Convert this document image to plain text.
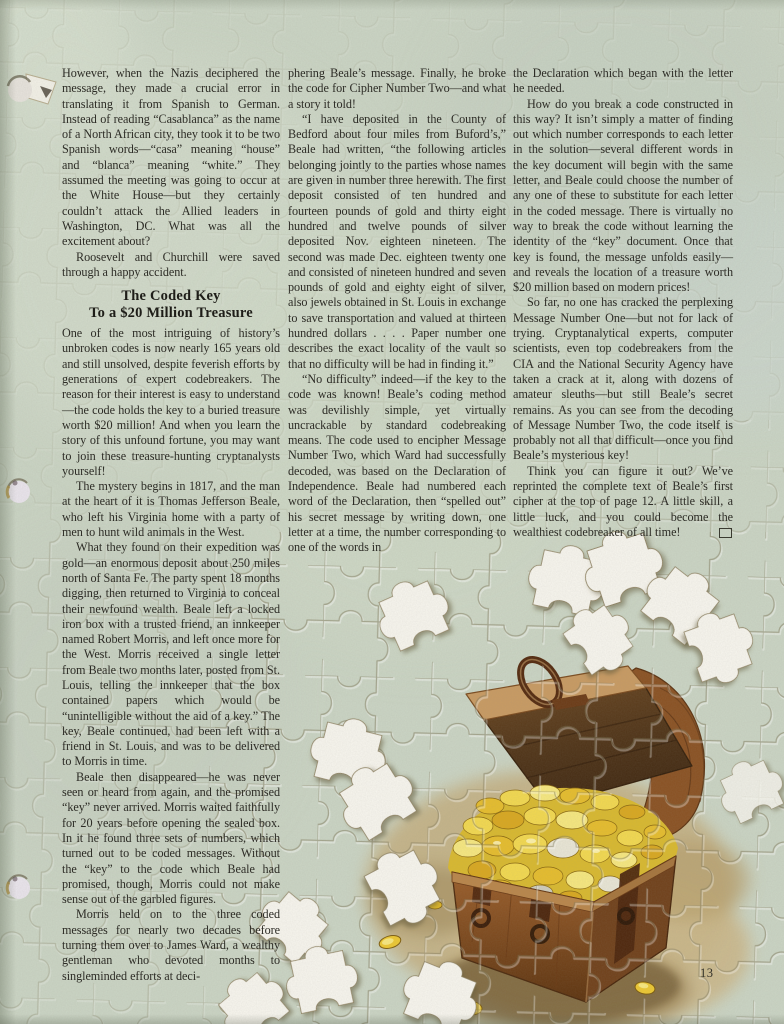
However, when the Nazis deciphered the message, they made a crucial error in translating it from Spanish to German. Instead of reading “Casablanca” as the name of a North African city, they took it to be two Spanish words—“casa” meaning “house” and “blanca” meaning “white.” They assumed the meeting was going to occur at the White House—but they certainly couldn’t attack the Allied leaders in Washington, DC. What was all the excitement about?

Roosevelt and Churchill were saved through a happy accident.

The Coded Key
To a $20 Million Treasure

One of the most intriguing of history’s unbroken codes is now nearly 165 years old and still unsolved, despite feverish efforts by generations of expert codebreakers. The reason for their interest is easy to understand—the code holds the key to a buried treasure worth $20 million! And when you learn the story of this unfound fortune, you may want to join these treasure-hunting cryptanalysts yourself!

The mystery begins in 1817, and the man at the heart of it is Thomas Jefferson Beale, who left his Virginia home with a party of men to hunt wild animals in the West.

What they found on their expedition was gold—an enormous deposit about 250 miles north of Santa Fe. The party spent 18 months digging, then returned to Virginia to conceal their newfound wealth. Beale left a locked iron box with a trusted friend, an innkeeper named Robert Morris, and left once more for the West. Morris received a single letter from Beale two months later, posted from St. Louis, telling the innkeeper that the box contained papers which would be “unintelligible without the aid of a key.” The key, Beale continued, had been left with a friend in St. Louis, and was to be delivered to Morris in time.

Beale then disappeared—he was never seen or heard from again, and the promised “key” never arrived. Morris waited faithfully for 20 years before opening the sealed box. In it he found three sets of numbers, which turned out to be coded messages. Without the “key” to the code which Beale had promised, though, Morris could not make sense out of the garbled figures.

Morris held on to the three coded messages for nearly two decades before turning them over to James Ward, a wealthy gentleman who devoted months to singleminded efforts at deci-

phering Beale’s message. Finally, he broke the code for Cipher Number Two—and what a story it told!

“I have deposited in the County of Bedford about four miles from Buford’s,” Beale had written, “the following articles belonging jointly to the parties whose names are given in number three herewith. The first deposit consisted of ten hundred and fourteen pounds of gold and thirty eight hundred and twelve pounds of silver deposited Nov. eighteen nineteen. The second was made Dec. eighteen twenty one and consisted of nineteen hundred and seven pounds of gold and eighty eight of silver, also jewels obtained in St. Louis in exchange to save transportation and valued at thirteen hundred dollars . . . . Paper number one describes the exact locality of the vault so that no difficulty will be had in finding it.”

“No difficulty” indeed—if the key to the code was known! Beale’s coding method was devilishly simple, yet virtually uncrackable by standard codebreaking means. The code used to encipher Message Number Two, which Ward had successfully decoded, was based on the Declaration of Independence. Beale had numbered each word of the Declaration, then “spelled out” his secret message by writing down, one letter at a time, the number corresponding to one of the words in

the Declaration which began with the letter he needed.

How do you break a code constructed in this way? It isn’t simply a matter of finding out which number corresponds to each letter in the solution—several different words in the key document will begin with the same letter, and Beale could choose the number of any one of these to substitute for each letter in the coded message. There is virtually no way to break the code without learning the identity of the “key” document. Once that key is found, the message unfolds easily—and reveals the location of a treasure worth $20 million based on modern prices!

So far, no one has cracked the perplexing Message Number One—but not for lack of trying. Cryptanalytical experts, computer scientists, even top codebreakers from the CIA and the National Security Agency have taken a crack at it, along with dozens of amateur sleuths—but still Beale’s secret remains. As you can see from the decoding of Message Number Two, the code itself is probably not all that difficult—once you find Beale’s mysterious key!

Think you can figure it out? We’ve reprinted the complete text of Beale’s first cipher at the top of page 12. A little skill, a little luck, and you could become the wealthiest codebreaker of all time!

13
